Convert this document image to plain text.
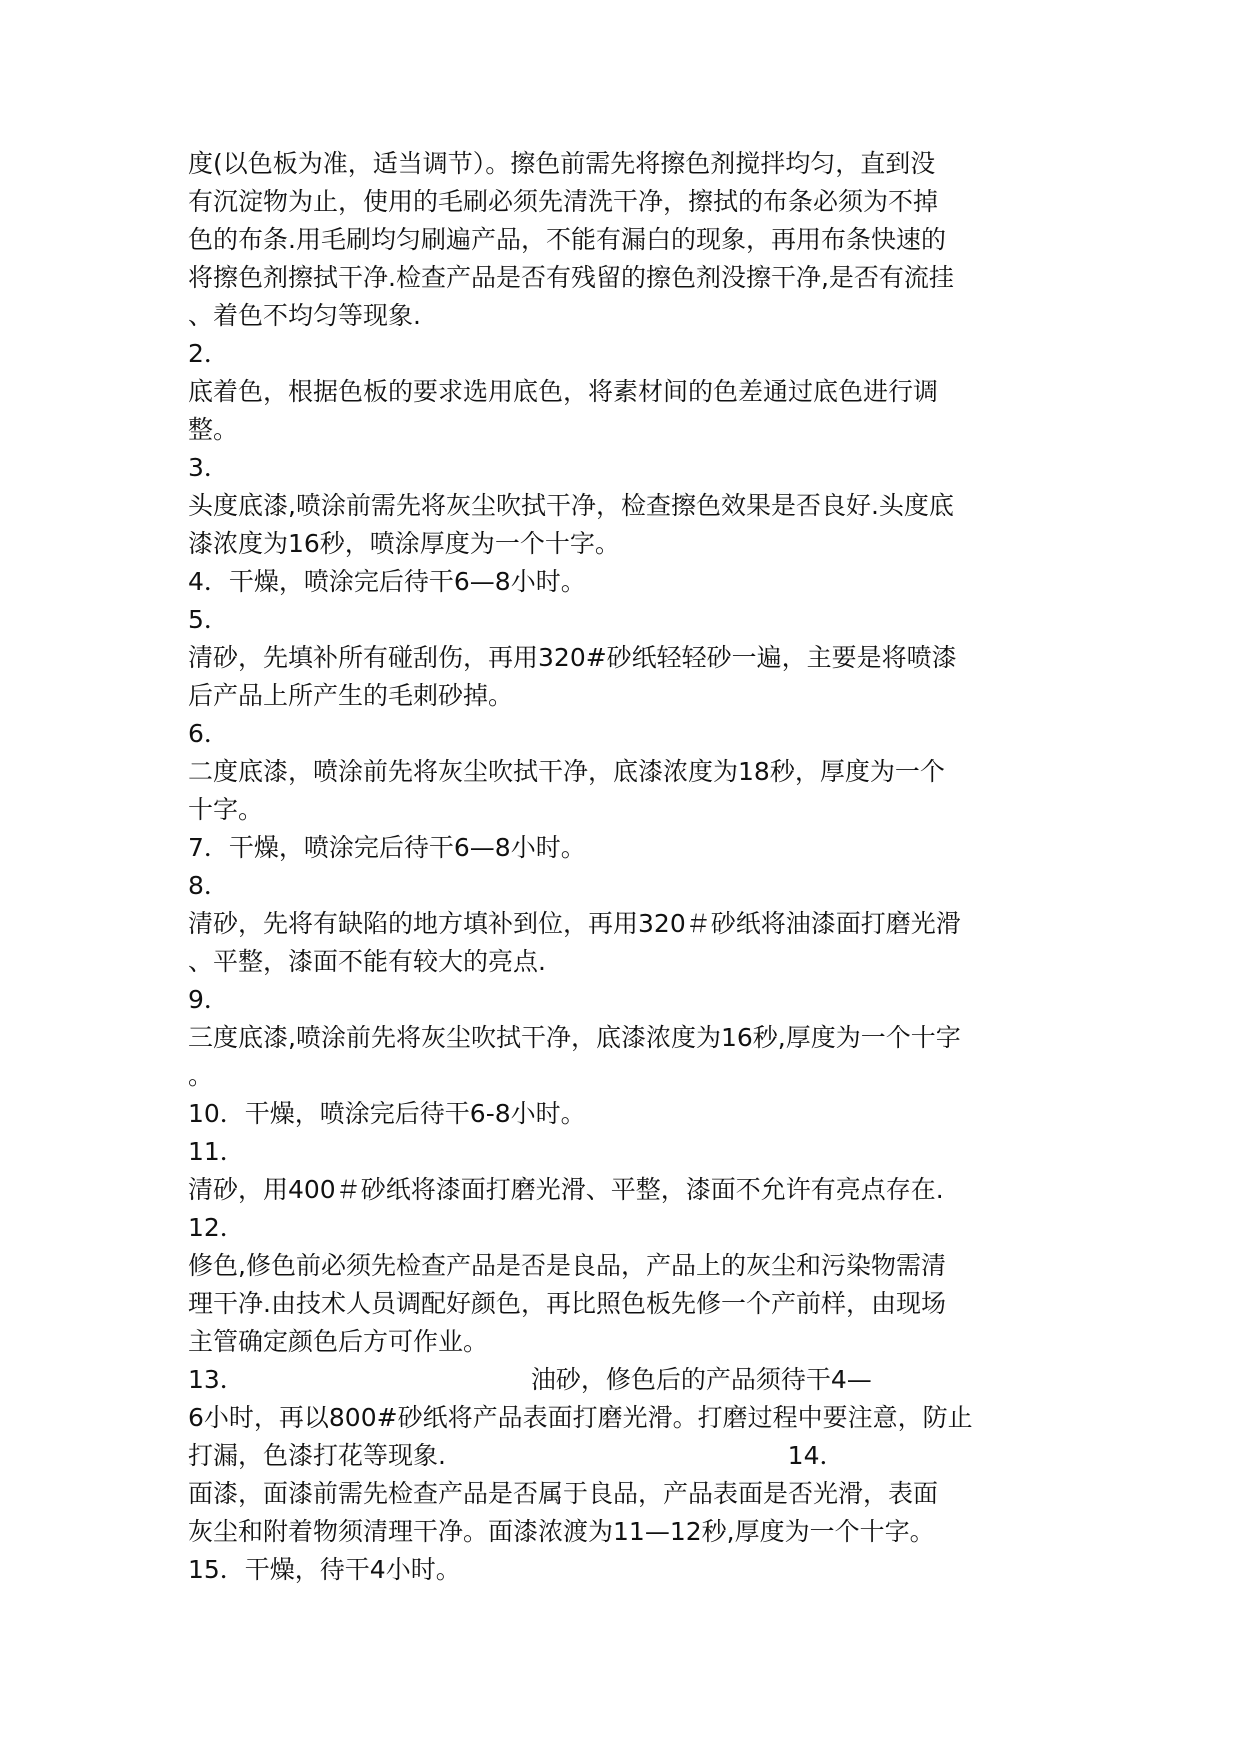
度(以色板为准，适当调节）。擦色前需先将擦色剂搅拌均匀，直到没
有沉淀物为止，使用的毛刷必须先清洗干净，擦拭的布条必须为不掉
色的布条.用毛刷均匀刷遍产品，不能有漏白的现象，再用布条快速的
将擦色剂擦拭干净.检查产品是否有残留的擦色剂没擦干净,是否有流挂
、着色不均匀等现象.
2．
底着色，根据色板的要求选用底色，将素材间的色差通过底色进行调
整。
3．
头度底漆,喷涂前需先将灰尘吹拭干净，检查擦色效果是否良好.头度底
漆浓度为16秒，喷涂厚度为一个十字。
4．干燥，喷涂完后待干6—8小时。
5．
清砂，先填补所有碰刮伤，再用320#砂纸轻轻砂一遍，主要是将喷漆
后产品上所产生的毛刺砂掉。
6．
二度底漆，喷涂前先将灰尘吹拭干净，底漆浓度为18秒，厚度为一个
十字。
7．干燥，喷涂完后待干6—8小时。
8．
清砂，先将有缺陷的地方填补到位，再用320＃砂纸将油漆面打磨光滑
、平整，漆面不能有较大的亮点.
9．
三度底漆,喷涂前先将灰尘吹拭干净，底漆浓度为16秒,厚度为一个十字
。
10．干燥，喷涂完后待干6-8小时。
11．
清砂，用400＃砂纸将漆面打磨光滑、平整，漆面不允许有亮点存在.
12．
修色,修色前必须先检查产品是否是良品，产品上的灰尘和污染物需清
理干净.由技术人员调配好颜色，再比照色板先修一个产前样，由现场
主管确定颜色后方可作业。
13．                                    油砂，修色后的产品须待干4—
6小时，再以800#砂纸将产品表面打磨光滑。打磨过程中要注意，防止
打漏，色漆打花等现象.                                           14．
面漆，面漆前需先检查产品是否属于良品，产品表面是否光滑，表面
灰尘和附着物须清理干净。面漆浓渡为11—12秒,厚度为一个十字。
15．干燥，待干4小时。
